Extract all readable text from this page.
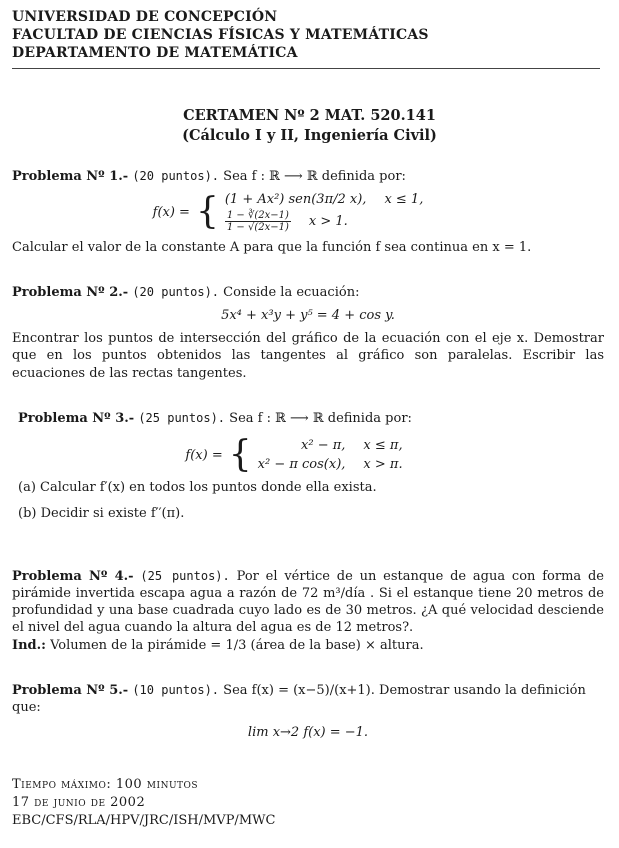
UNIVERSIDAD DE CONCEPCIÓN
FACULTAD DE CIENCIAS FÍSICAS Y MATEMÁTICAS
DEPARTAMENTO DE MATEMÁTICA
CERTAMEN Nº 2 MAT. 520.141
(Cálculo I y II, Ingeniería Civil)
Problema Nº 1.- (20 puntos). Sea f : ℝ ⟶ ℝ definida por:
f(x) = { (1 + Ax²) sen(3π/2 x), x ≤ 1,
$\frac{1 - ∛(2x-1)}{1 - √(2x-1)}$ x > 1.
Calcular el valor de la constante A para que la función f sea continua en x = 1.
Problema Nº 2.- (20 puntos). Conside la ecuación:
5x⁴ + x³y + y⁵ = 4 + cos y.
Encontrar los puntos de intersección del gráfico de la ecuación con el eje x. Demostrar que en los puntos obtenidos las tangentes al gráfico son paralelas. Escribir las ecuaciones de las rectas tangentes.
Problema Nº 3.- (25 puntos). Sea f : ℝ ⟶ ℝ definida por:
f(x) = {	x² − π, x ≤ π,
x² − π cos(x), x > π.
(a) Calcular f′(x) en todos los puntos donde ella exista.
(b) Decidir si existe f′′(π).
Problema Nº 4.- (25 puntos). Por el vértice de un estanque de agua con forma de pirámide invertida escapa agua a razón de 72 m³/día . Si el estanque tiene 20 metros de profundidad y una base cuadrada cuyo lado es de 30 metros. ¿A qué velocidad desciende el nivel del agua cuando la altura del agua es de 12 metros?.
Ind.: Volumen de la pirámide = 1/3 (área de la base) × altura.
Problema Nº 5.- (10 puntos). Sea f(x) = (x−5)/(x+1). Demostrar usando la definición que:
lim x→2 f(x) = −1.
Tiempo máximo: 100 minutos
17 de junio de 2002
EBC/CFS/RLA/HPV/JRC/ISH/MVP/MWC
